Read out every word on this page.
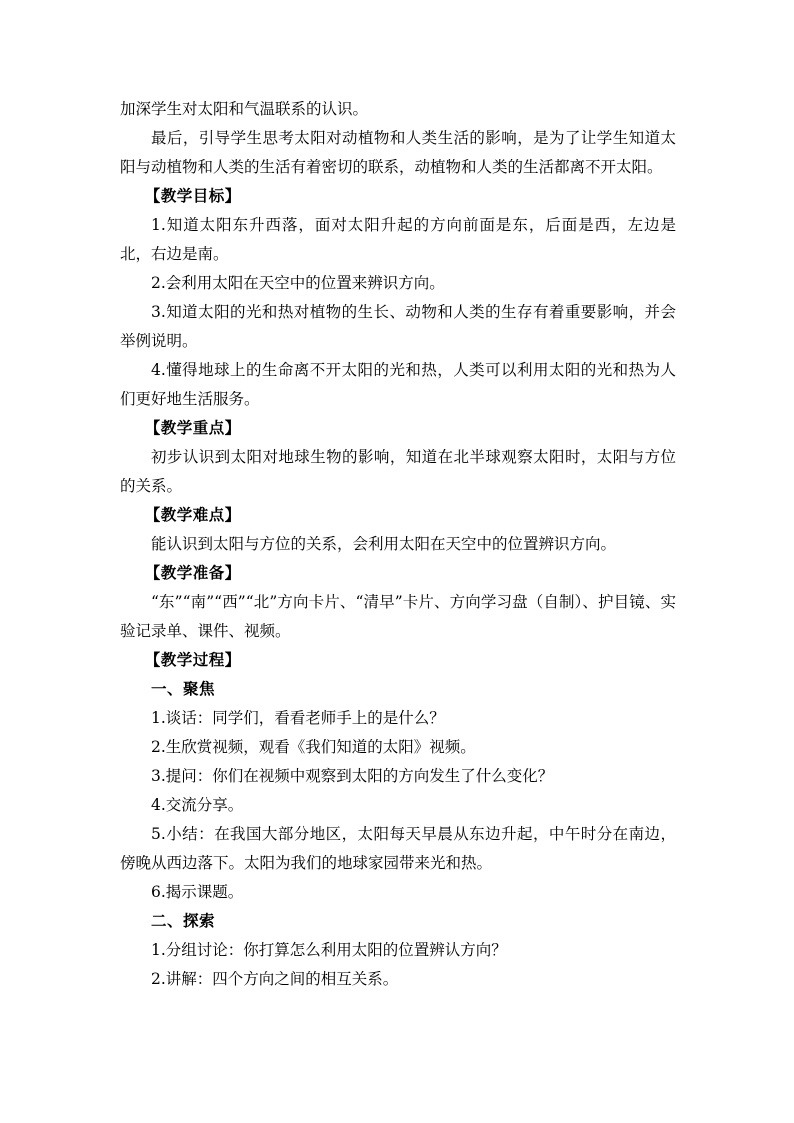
加深学生对太阳和气温联系的认识。

最后，引导学生思考太阳对动植物和人类生活的影响，是为了让学生知道太阳与动植物和人类的生活有着密切的联系，动植物和人类的生活都离不开太阳。

【教学目标】

1.知道太阳东升西落，面对太阳升起的方向前面是东，后面是西，左边是北，右边是南。

2.会利用太阳在天空中的位置来辨识方向。

3.知道太阳的光和热对植物的生长、动物和人类的生存有着重要影响，并会举例说明。

4.懂得地球上的生命离不开太阳的光和热，人类可以利用太阳的光和热为人们更好地生活服务。

【教学重点】

初步认识到太阳对地球生物的影响，知道在北半球观察太阳时，太阳与方位的关系。

【教学难点】

能认识到太阳与方位的关系，会利用太阳在天空中的位置辨识方向。

【教学准备】

“东”“南”“西”“北”方向卡片、“清早”卡片、方向学习盘（自制）、护目镜、实验记录单、课件、视频。

【教学过程】

一、聚焦

1.谈话：同学们，看看老师手上的是什么？

2.生欣赏视频，观看《我们知道的太阳》视频。

3.提问：你们在视频中观察到太阳的方向发生了什么变化？

4.交流分享。

5.小结：在我国大部分地区，太阳每天早晨从东边升起，中午时分在南边，傍晚从西边落下。太阳为我们的地球家园带来光和热。

6.揭示课题。

二、探索

1.分组讨论：你打算怎么利用太阳的位置辨认方向？

2.讲解：四个方向之间的相互关系。
